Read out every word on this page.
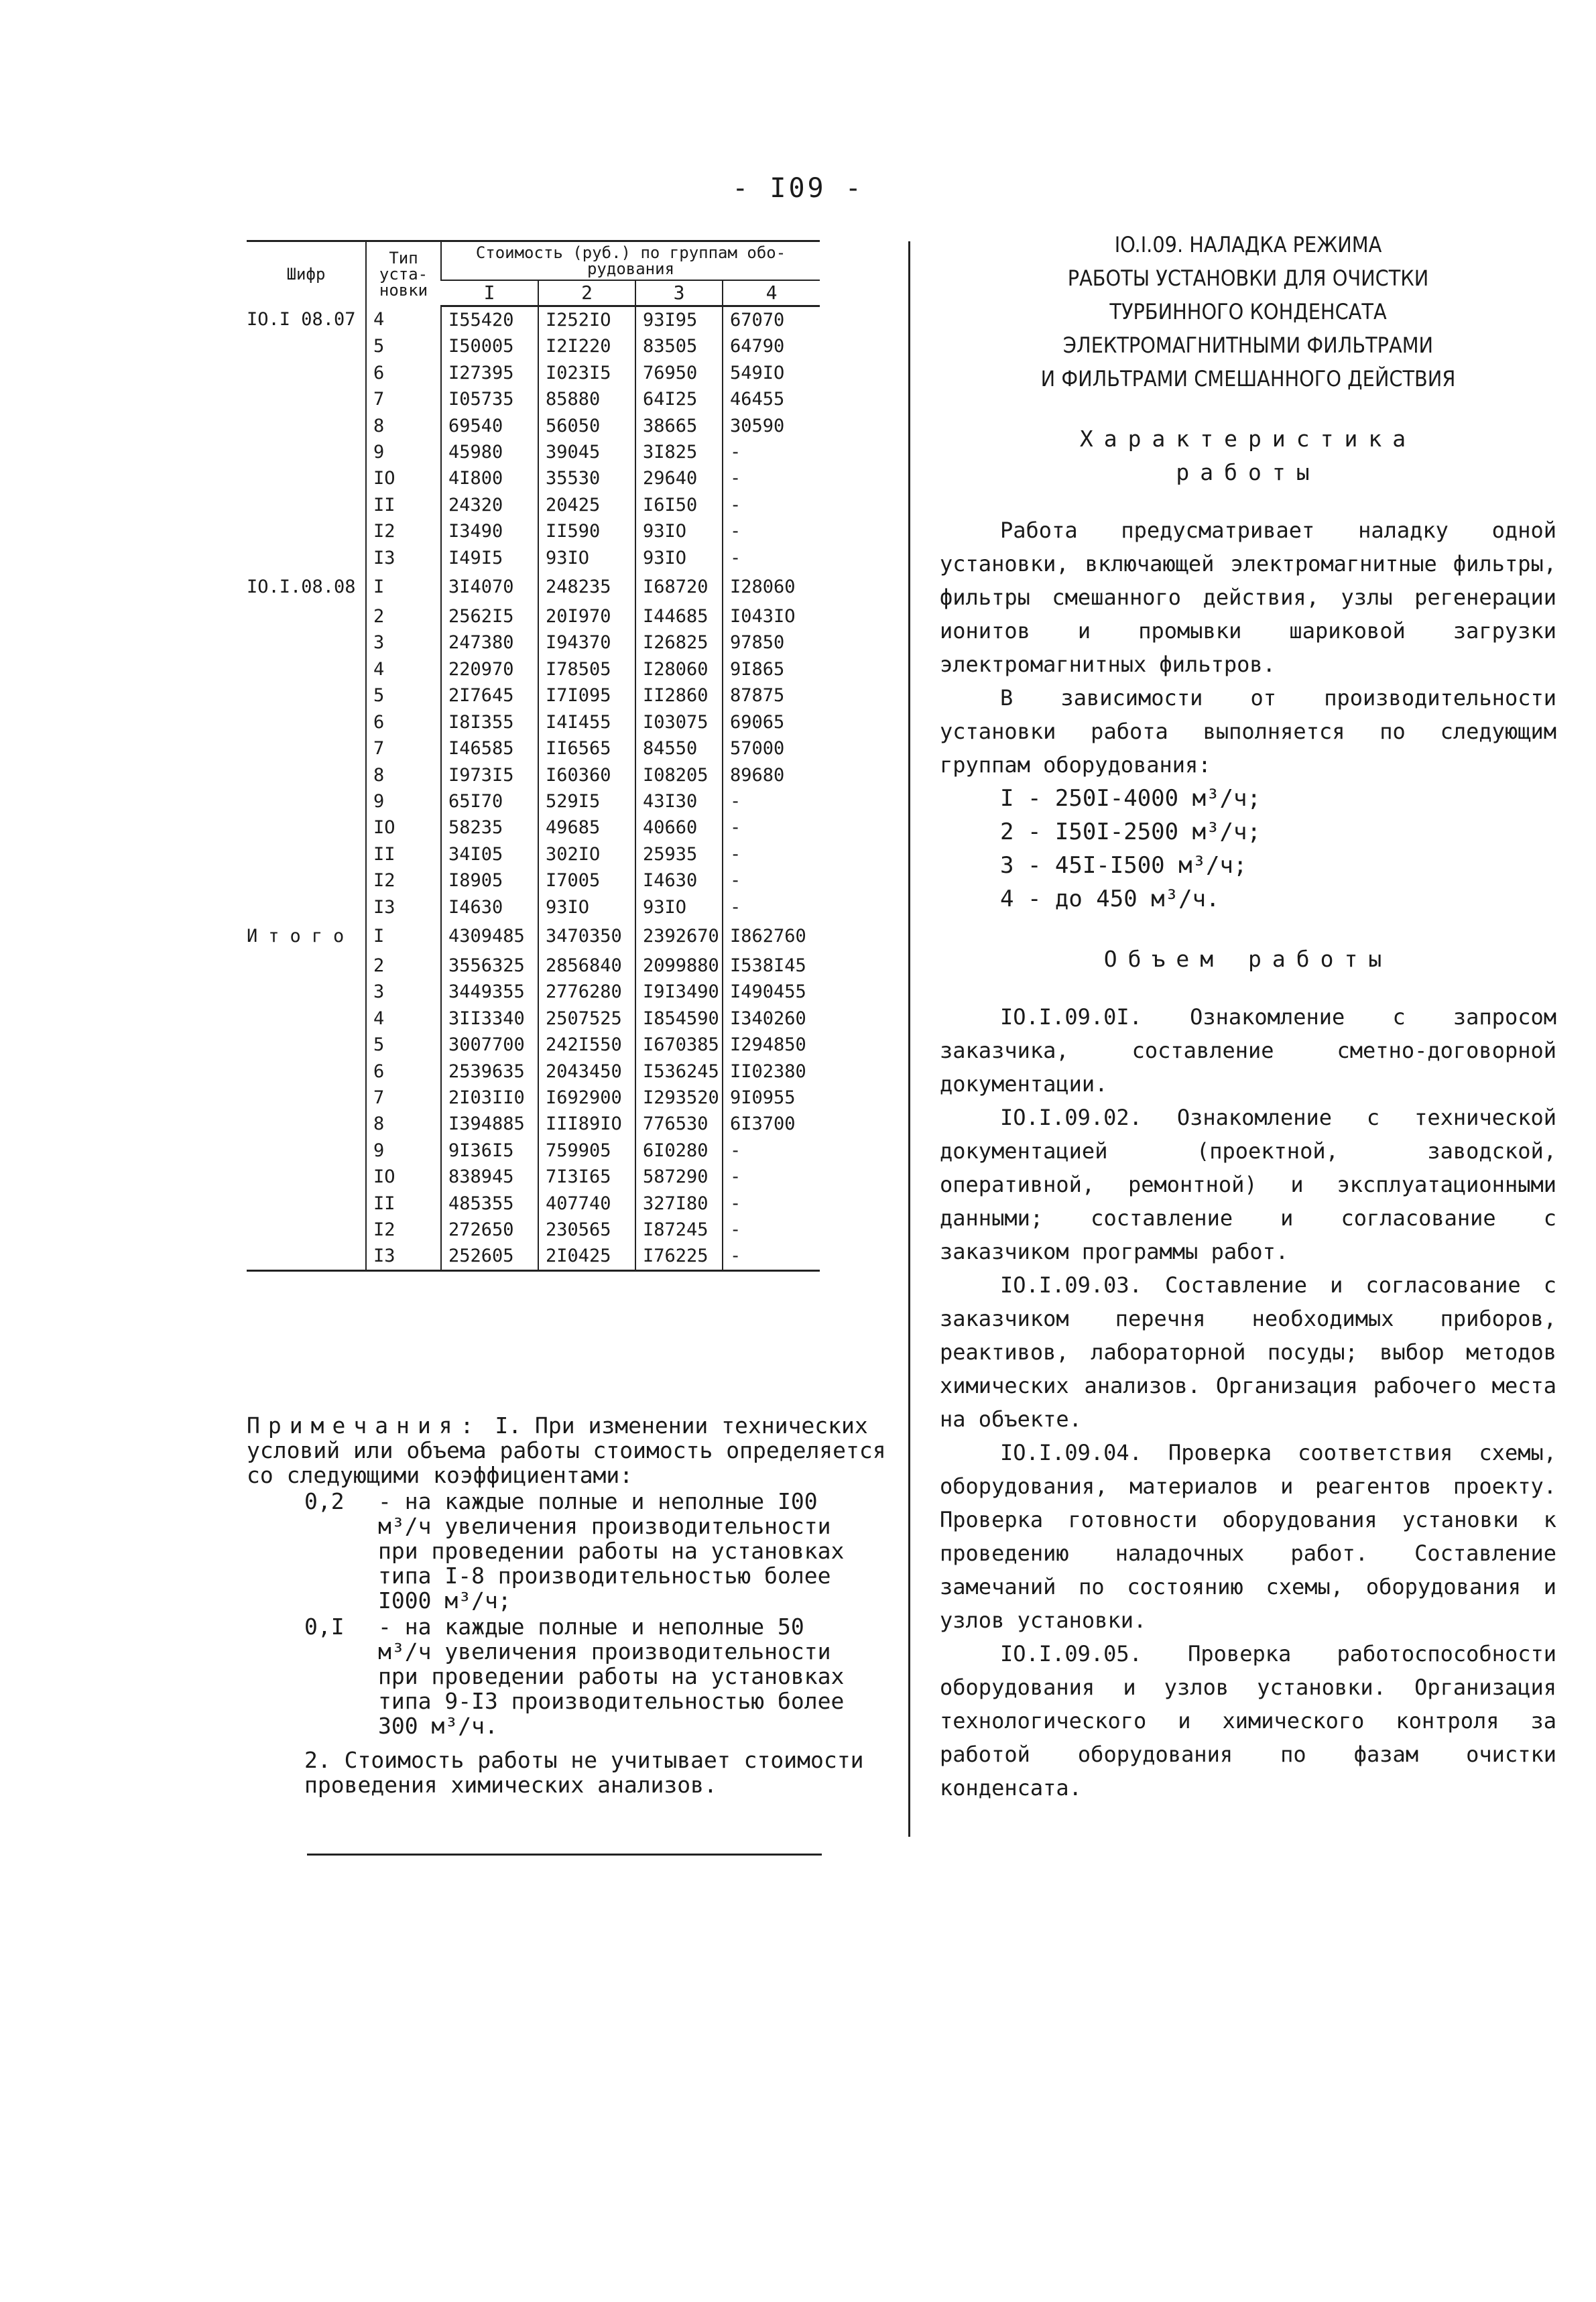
- I09 -
Шифр	Тип уста- новки	Стоимость (руб.) по группам обо- рудования			
		I	2	3	4
IO.I 08.07	4	I55420	I252IO	93I95	67070
	5	I50005	I2I220	83505	64790
	6	I27395	I023I5	76950	549IO
	7	I05735	85880	64I25	46455
	8	69540	56050	38665	30590
	9	45980	39045	3I825	-
	IO	4I800	35530	29640	-
	II	24320	20425	I6I50	-
	I2	I3490	II590	93IO	-
	I3	I49I5	93IO	93IO	-
IO.I.08.08	I	3I4070	248235	I68720	I28060
	2	2562I5	20I970	I44685	I043IO
	3	247380	I94370	I26825	97850
	4	220970	I78505	I28060	9I865
	5	2I7645	I7I095	II2860	87875
	6	I8I355	I4I455	I03075	69065
	7	I46585	II6565	84550	57000
	8	I973I5	I60360	I08205	89680
	9	65I70	529I5	43I30	-
	IO	58235	49685	40660	-
	II	34I05	302IO	25935	-
	I2	I8905	I7005	I4630	-
	I3	I4630	93IO	93IO	-
Итого	I	4309485	3470350	2392670	I862760
	2	3556325	2856840	2099880	I538I45
	3	3449355	2776280	I9I3490	I490455
	4	3II3340	2507525	I854590	I340260
	5	3007700	242I550	I670385	I294850
	6	2539635	2043450	I536245	II02380
	7	2I03II0	I692900	I293520	9I0955
	8	I394885	III89IO	776530	6I3700
	9	9I36I5	759905	6I0280	-
	IO	838945	7I3I65	587290	-
	II	485355	407740	327I80	-
	I2	272650	230565	I87245	-
	I3	252605	2I0425	I76225	-

Примечания: I. При изменении технических условий или объема работы стоимость определяется со следующими коэффициентами:

0,2	- на каждые полные и неполные I00 м³/ч увеличения производительности при проведении работы на установках типа I-8 производительностью более I000 м³/ч;
0,I	- на каждые полные и неполные 50 м³/ч увеличения производительности при проведении работы на установках типа 9-I3 производительностью более 300 м³/ч.

2. Стоимость работы не учитывает стоимости проведения химических анализов.

IO.I.09. НАЛАДКА РЕЖИМА
РАБОТЫ УСТАНОВКИ ДЛЯ ОЧИСТКИ
ТУРБИННОГО КОНДЕНСАТА
ЭЛЕКТРОМАГНИТНЫМИ ФИЛЬТРАМИ
И ФИЛЬТРАМИ СМЕШАННОГО ДЕЙСТВИЯ
Характеристика
работы

Работа предусматривает наладку одной установки, включающей электромагнитные фильтры, фильтры смешанного действия, узлы регенерации ионитов и промывки шариковой загрузки электромагнитных фильтров.

В зависимости от производительности установки работа выполняется по следующим группам оборудования:

I - 250I-4000 м³/ч;
2 - I50I-2500 м³/ч;
3 - 45I-I500 м³/ч;
4 - до 450 м³/ч.
Объем работы

IO.I.09.0I. Ознакомление с запросом заказчика, составление сметно-договорной документации.

IO.I.09.02. Ознакомление с технической документацией (проектной, заводской, оперативной, ремонтной) и эксплуатационными данными; составление и согласование с заказчиком программы работ.

IO.I.09.03. Составление и согласование с заказчиком перечня необходимых приборов, реактивов, лабораторной посуды; выбор методов химических анализов. Организация рабочего места на объекте.

IO.I.09.04. Проверка соответствия схемы, оборудования, материалов и реагентов проекту. Проверка готовности оборудования установки к проведению наладочных работ. Составление замечаний по состоянию схемы, оборудования и узлов установки.

IO.I.09.05. Проверка работоспособности оборудования и узлов установки. Организация технологического и химического контроля за работой оборудования по фазам очистки конденсата.
